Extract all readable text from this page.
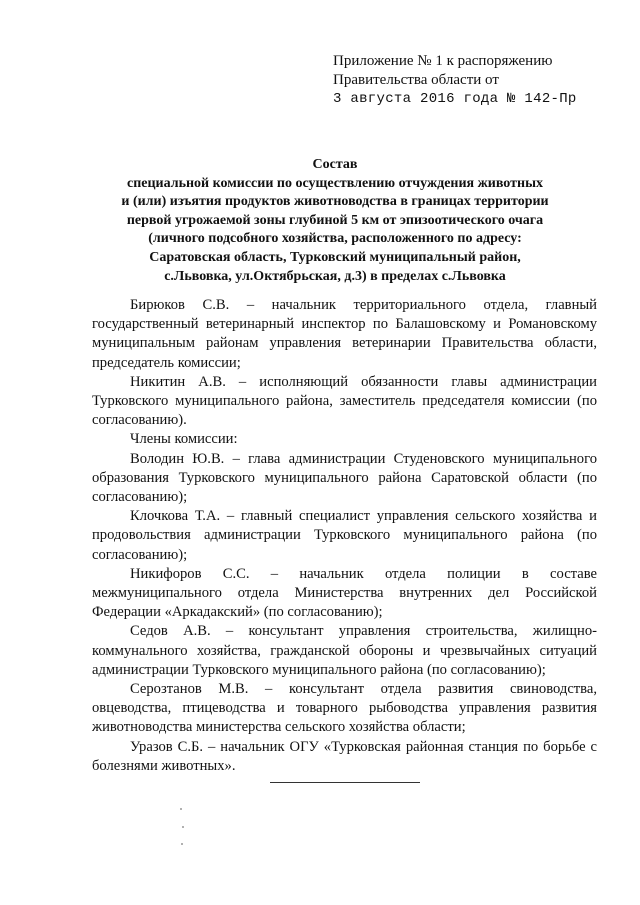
Приложение № 1 к распоряжению
Правительства области от
3 августа 2016 года № 142-Пр
Состав
специальной комиссии по осуществлению отчуждения животных
и (или) изъятия продуктов животноводства в границах территории
первой угрожаемой зоны глубиной 5 км от эпизоотического очага
(личного подсобного хозяйства, расположенного по адресу:
Саратовская область, Турковский муниципальный район,
с.Львовка, ул.Октябрьская, д.3) в пределах с.Львовка

Бирюков С.В. – начальник территориального отдела, главный государственный ветеринарный инспектор по Балашовскому и Романовскому муниципальным районам управления ветеринарии Правительства области, председатель комиссии;

Никитин А.В. – исполняющий обязанности главы администрации Турковского муниципального района, заместитель председателя комиссии (по согласованию).

Члены комиссии:

Володин Ю.В. – глава администрации Студеновского муниципального образования Турковского муниципального района Саратовской области (по согласованию);

Клочкова Т.А. – главный специалист управления сельского хозяйства и продовольствия администрации Турковского муниципального района (по согласованию);

Никифоров С.С. – начальник отдела полиции в составе межмуниципального отдела Министерства внутренних дел Российской Федерации «Аркадакский» (по согласованию);

Седов А.В. – консультант управления строительства, жилищно-коммунального хозяйства, гражданской обороны и чрезвычайных ситуаций администрации Турковского муниципального района (по согласованию);

Серозтанов М.В. – консультант отдела развития свиноводства, овцеводства, птицеводства и товарного рыбоводства управления развития животноводства министерства сельского хозяйства области;

Уразов С.Б. – начальник ОГУ «Турковская районная станция по борьбе с болезнями животных».
